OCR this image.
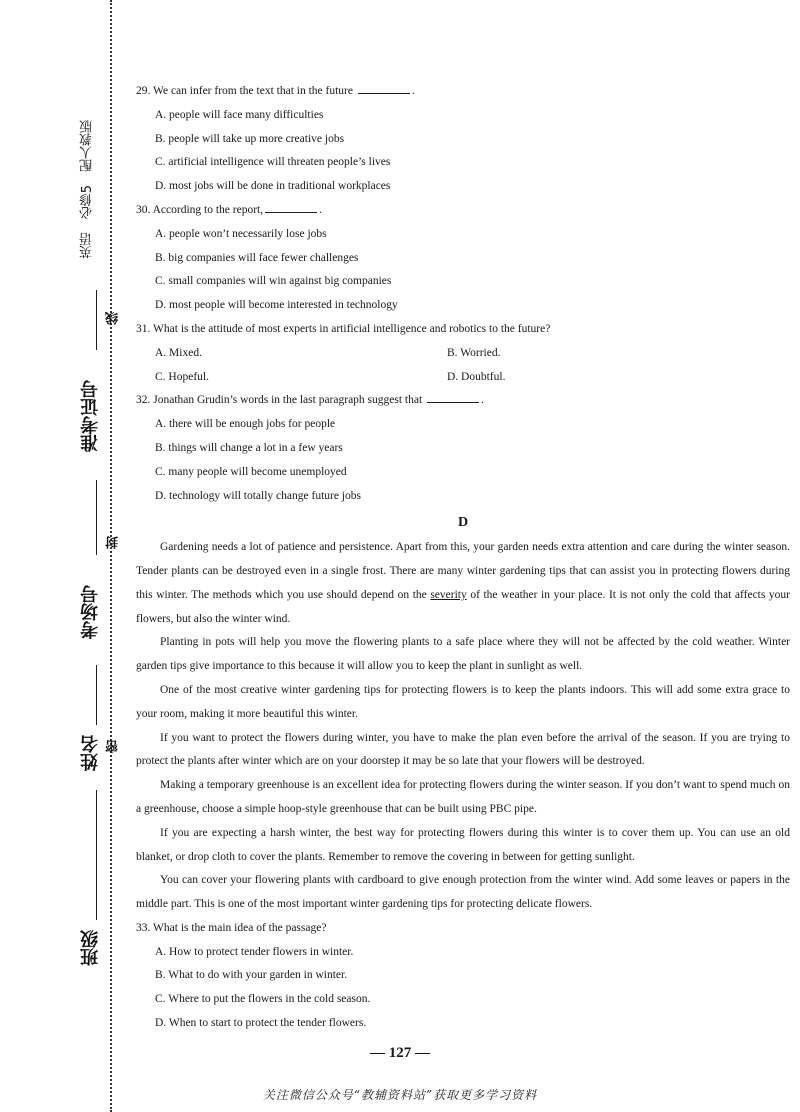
英语　必修5　配人教版
线
准考证号
封
考场号
密
姓名
班级

29. We can infer from the text that in the future	.

A. people will face many difficulties

B. people will take up more creative jobs

C. artificial intelligence will threaten people’s lives

D. most jobs will be done in traditional workplaces

30. According to the report,	.

A. people won’t necessarily lose jobs

B. big companies will face fewer challenges

C. small companies will win against big companies

D. most people will become interested in technology

31. What is the attitude of most experts in artificial intelligence and robotics to the future?

A. Mixed.	B. Worried.
C. Hopeful.	D. Doubtful.

32. Jonathan Grudin’s words in the last paragraph suggest that	.

A. there will be enough jobs for people

B. things will change a lot in a few years

C. many people will become unemployed

D. technology will totally change future jobs

D

Gardening needs a lot of patience and persistence. Apart from this, your garden needs extra attention and care during the winter season. Tender plants can be destroyed even in a single frost. There are many winter gardening tips that can assist you in protecting flowers during this winter. The methods which you use should depend on the severity of the weather in your place. It is not only the cold that affects your flowers, but also the winter wind.

Planting in pots will help you move the flowering plants to a safe place where they will not be affected by the cold weather. Winter garden tips give importance to this because it will allow you to keep the plant in sunlight as well.

One of the most creative winter gardening tips for protecting flowers is to keep the plants indoors. This will add some extra grace to your room, making it more beautiful this winter.

If you want to protect the flowers during winter, you have to make the plan even before the arrival of the season. If you are trying to protect the plants after winter which are on your doorstep it may be so late that your flowers will be destroyed.

Making a temporary greenhouse is an excellent idea for protecting flowers during the winter season. If you don’t want to spend much on a greenhouse, choose a simple hoop-style greenhouse that can be built using PBC pipe.

If you are expecting a harsh winter, the best way for protecting flowers during this winter is to cover them up. You can use an old blanket, or drop cloth to cover the plants. Remember to remove the covering in between for getting sunlight.

You can cover your flowering plants with cardboard to give enough protection from the winter wind. Add some leaves or papers in the middle part. This is one of the most important winter gardening tips for protecting delicate flowers.

33. What is the main idea of the passage?

A. How to protect tender flowers in winter.

B. What to do with your garden in winter.

C. Where to put the flowers in the cold season.

D. When to start to protect the tender flowers.

— 127 —
关注微信公众号“教辅资料站”获取更多学习资料
